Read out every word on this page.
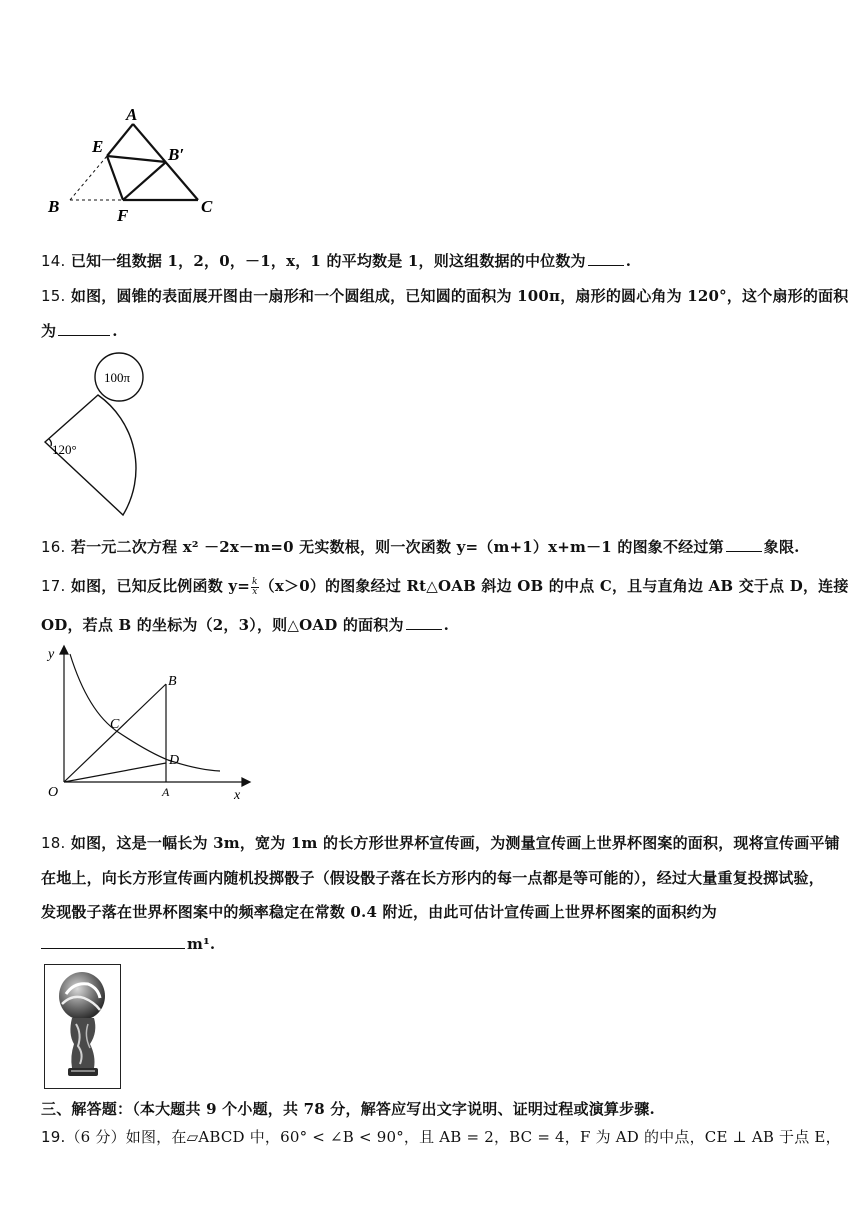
A
E	B′
B	F	C
14. 已知一组数据 1，2，0，－1，x，1 的平均数是 1，则这组数据的中位数为	.
15. 如图，圆锥的表面展开图由一扇形和一个圆组成，已知圆的面积为 100π，扇形的圆心角为 120°，这个扇形的面积
为	.
100π
120°
16. 若一元二次方程 x² －2x－m=0 无实数根，则一次函数 y=（m+1）x+m－1 的图象不经过第	象限.
17. 如图，已知反比例函数 $y= \frac{k}{x} (x>0)$的图象经过 Rt△OAB 斜边 OB 的中点 C，且与直角边 AB 交于点 D，连接
OD，若点 B 的坐标为（2，3），则△OAD 的面积为	.
y
x
O	A
B
C
D
18. 如图，这是一幅长为 3m，宽为 1m 的长方形世界杯宣传画，为测量宣传画上世界杯图案的面积，现将宣传画平铺
在地上，向长方形宣传画内随机投掷骰子（假设骰子落在长方形内的每一点都是等可能的），经过大量重复投掷试验，
发现骰子落在世界杯图案中的频率稳定在常数 0.4 附近，由此可估计宣传画上世界杯图案的面积约为
m¹.
三、解答题：（本大题共 9 个小题，共 78 分，解答应写出文字说明、证明过程或演算步骤.
19.（6 分）如图，在▱ABCD 中，60° < ∠B < 90°，且 AB = 2，BC = 4，F 为 AD 的中点，CE ⊥ AB 于点 E，
